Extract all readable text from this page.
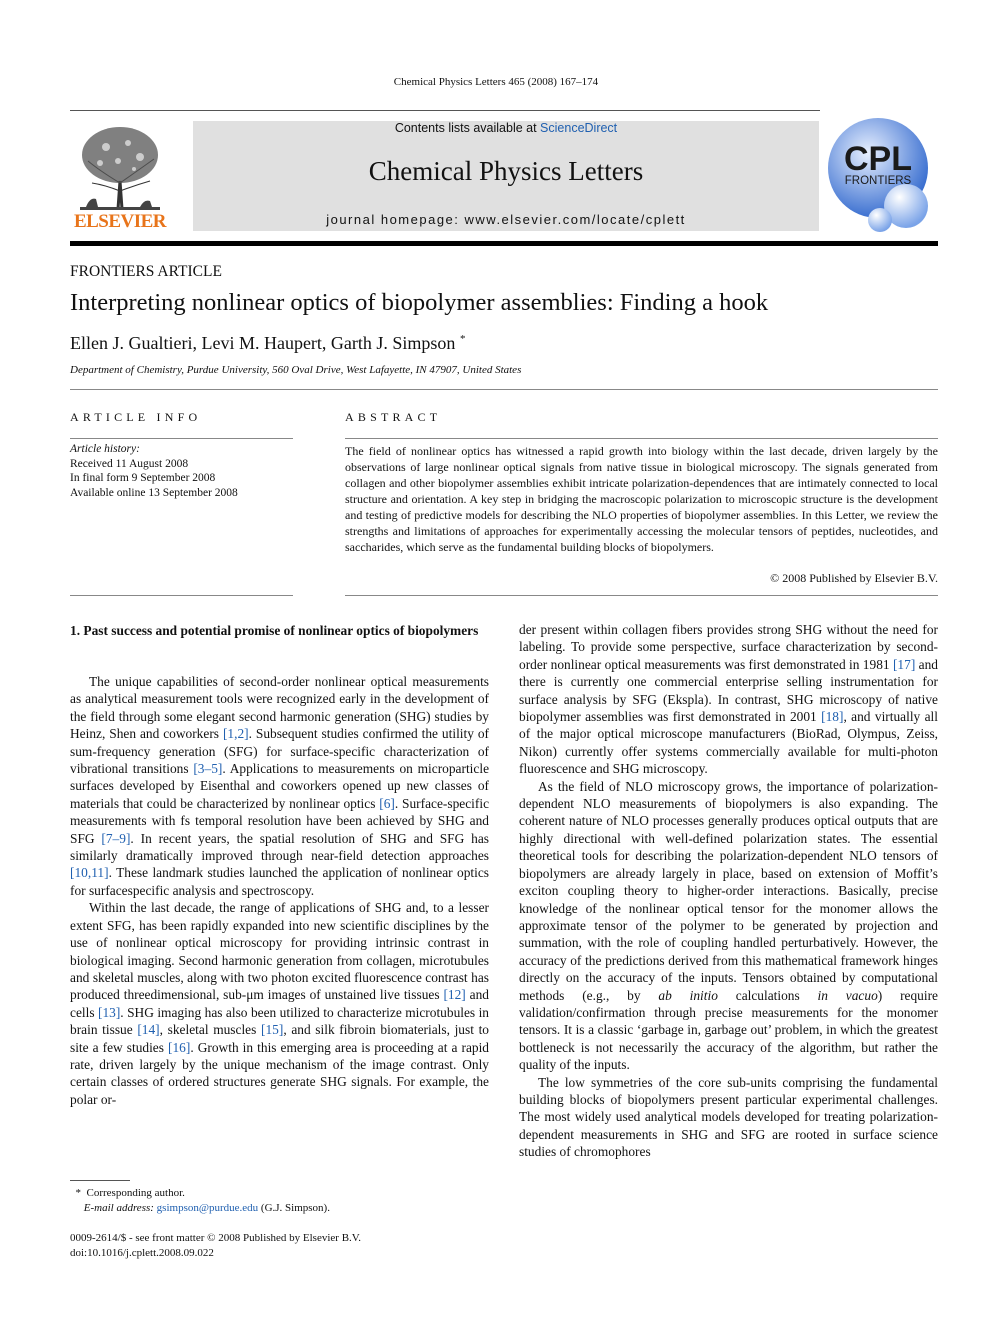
Chemical Physics Letters 465 (2008) 167–174
ELSEVIER
Contents lists available at ScienceDirect
Chemical Physics Letters
journal homepage: www.elsevier.com/locate/cplett
CPL
FRONTIERS
FRONTIERS ARTICLE
Interpreting nonlinear optics of biopolymer assemblies: Finding a hook
Ellen J. Gualtieri, Levi M. Haupert, Garth J. Simpson *
Department of Chemistry, Purdue University, 560 Oval Drive, West Lafayette, IN 47907, United States
ARTICLE INFO	ABSTRACT
Article history:
Received 11 August 2008
In final form 9 September 2008
Available online 13 September 2008
The field of nonlinear optics has witnessed a rapid growth into biology within the last decade, driven largely by the observations of large nonlinear optical signals from native tissue in biological microscopy. The signals generated from collagen and other biopolymer assemblies exhibit intricate polarization-dependences that are intimately connected to local structure and orientation. A key step in bridging the macroscopic polarization to microscopic structure is the development and testing of predictive models for describing the NLO properties of biopolymer assemblies. In this Letter, we review the strengths and limitations of approaches for experimentally accessing the molecular tensors of peptides, nucleotides, and saccharides, which serve as the fundamental building blocks of biopolymers.
© 2008 Published by Elsevier B.V.
1. Past success and potential promise of nonlinear optics of biopolymers

The unique capabilities of second-order nonlinear optical measurements as analytical measurement tools were recognized early in the development of the field through some elegant second harmonic generation (SHG) studies by Heinz, Shen and coworkers [1,2]. Subsequent studies confirmed the utility of sum-frequency generation (SFG) for surface-specific characterization of vibrational transitions [3–5]. Applications to measurements on microparticle surfaces developed by Eisenthal and coworkers opened up new classes of materials that could be characterized by nonlinear optics [6]. Surface-specific measurements with fs temporal resolution have been achieved by SHG and SFG [7–9]. In recent years, the spatial resolution of SHG and SFG has similarly dramatically improved through near-field detection approaches [10,11]. These landmark studies launched the application of nonlinear optics for surfacespecific analysis and spectroscopy.

Within the last decade, the range of applications of SHG and, to a lesser extent SFG, has been rapidly expanded into new scientific disciplines by the use of nonlinear optical microscopy for providing intrinsic contrast in biological imaging. Second harmonic generation from collagen, microtubules and skeletal muscles, along with two photon excited fluorescence contrast has produced threedimensional, sub-μm images of unstained live tissues [12] and cells [13]. SHG imaging has also been utilized to characterize microtubules in brain tissue [14], skeletal muscles [15], and silk fibroin biomaterials, just to site a few studies [16]. Growth in this emerging area is proceeding at a rapid rate, driven largely by the unique mechanism of the image contrast. Only certain classes of ordered structures generate SHG signals. For example, the polar or-

der present within collagen fibers provides strong SHG without the need for labeling. To provide some perspective, surface characterization by second-order nonlinear optical measurements was first demonstrated in 1981 [17] and there is currently one commercial enterprise selling instrumentation for surface analysis by SFG (Ekspla). In contrast, SHG microscopy of native biopolymer assemblies was first demonstrated in 2001 [18], and virtually all of the major optical microscope manufacturers (BioRad, Olympus, Zeiss, Nikon) currently offer systems commercially available for multi-photon fluorescence and SHG microscopy.

As the field of NLO microscopy grows, the importance of polarization-dependent NLO measurements of biopolymers is also expanding. The coherent nature of NLO processes generally produces optical outputs that are highly directional with well-defined polarization states. The essential theoretical tools for describing the polarization-dependent NLO tensors of biopolymers are already largely in place, based on extension of Moffit’s exciton coupling theory to higher-order interactions. Basically, precise knowledge of the nonlinear optical tensor for the monomer allows the approximate tensor of the polymer to be generated by projection and summation, with the role of coupling handled perturbatively. However, the accuracy of the predictions derived from this mathematical framework hinges directly on the accuracy of the inputs. Tensors obtained by computational methods (e.g., by ab initio calculations in vacuo) require validation/confirmation through precise measurements for the monomer tensors. It is a classic ‘garbage in, garbage out’ problem, in which the greatest bottleneck is not necessarily the accuracy of the algorithm, but rather the quality of the inputs.

The low symmetries of the core sub-units comprising the fundamental building blocks of biopolymers present particular experimental challenges. The most widely used analytical models developed for treating polarization-dependent measurements in SHG and SFG are rooted in surface science studies of chromophores

* Corresponding author.
E-mail address: gsimpson@purdue.edu (G.J. Simpson).
0009-2614/$ - see front matter © 2008 Published by Elsevier B.V.
doi:10.1016/j.cplett.2008.09.022
